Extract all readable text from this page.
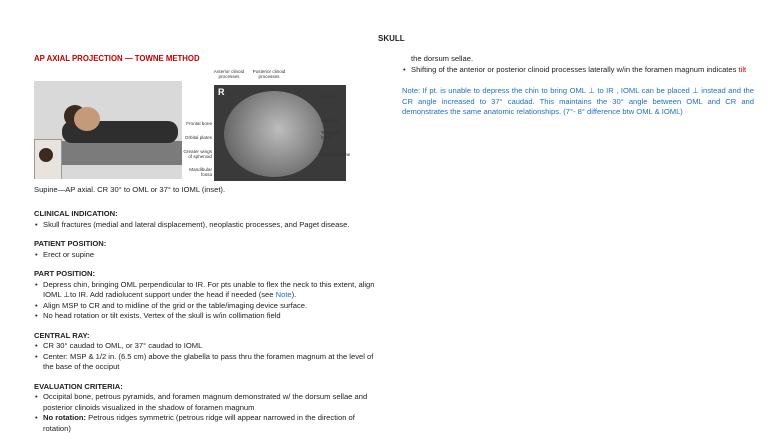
SKULL
AP AXIAL PROJECTION — TOWNE METHOD
R
Anterior clinoid processes
Posterior clinoid processes
Frontal bone
Orbital plates
Greater wings of sphenoid
Mandibular fossa
Parietal
Occipital
Temporal bone
Dorsum sellae
Supine—AP axial. CR 30° to OML or 37° to IOML (inset).
CLINICAL INDICATION:
• Skull fractures (medial and lateral displacement), neoplastic processes, and Paget disease.
PATIENT POSITION:
• Erect or supine
PART POSITION:
• Depress chin, bringing OML perpendicular to IR. For pts unable to flex the neck to this extent, align IOML ⊥to IR. Add radiolucent support under the head if needed (see Note).
• Align MSP to CR and to midline of the grid or the table/imaging device surface.
• No head rotation or tilt exists. Vertex of the skull is w/in collimation field
CENTRAL RAY:
• CR 30° caudad to OML, or 37° caudad to IOML
• Center: MSP & 1/2 in. (6.5 cm) above the glabella to pass thru the foramen magnum at the level of the base of the occiput
EVALUATION CRITERIA:
• Occipital bone, petrous pyramids, and foramen magnum demonstrated w/ the dorsum sellae and posterior clinoids visualized in the shadow of foramen magnum
• No rotation: Petrous ridges symmetric (petrous ridge will appear narrowed in the direction of rotation)
the dorsum sellae.
• Shifting of the anterior or posterior clinoid processes laterally w/in the foramen magnum indicates tilt
Note: If pt. is unable to depress the chin to bring OML ⊥ to IR , IOML can be placed ⊥ instead and the CR angle increased to 37° caudad. This maintains the 30° angle between OML and CR and demonstrates the same anatomic relationships. (7°- 8° difference btw OML & IOML)
